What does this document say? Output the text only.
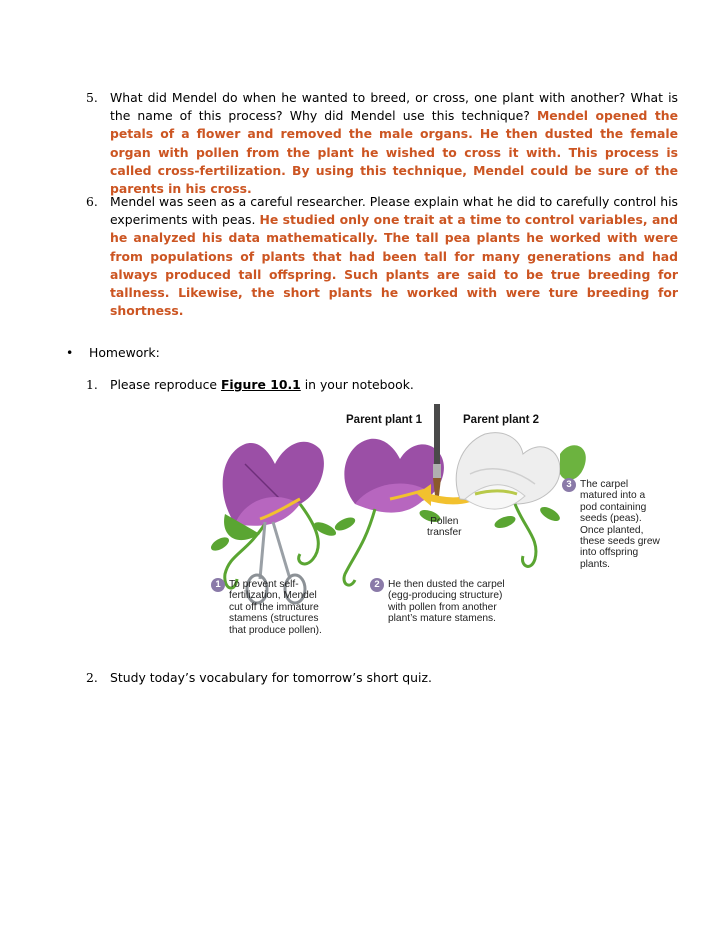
5. What did Mendel do when he wanted to breed, or cross, one plant with another? What is the name of this process? Why did Mendel use this technique? Mendel opened the petals of a flower and removed the male organs. He then dusted the female organ with pollen from the plant he wished to cross it with. This process is called cross-fertilization. By using this technique, Mendel could be sure of the parents in his cross.
6. Mendel was seen as a careful researcher. Please explain what he did to carefully control his experiments with peas. He studied only one trait at a time to control variables, and he analyzed his data mathematically. The tall pea plants he worked with were from populations of plants that had been tall for many generations and had always produced tall offspring. Such plants are said to be true breeding for tallness. Likewise, the short plants he worked with were ture breeding for shortness.
• Homework:
1. Please reproduce Figure 10.1 in your notebook.
Parent plant 1	Parent plant 2
Pollen
transfer
1 To prevent self-
fertilization, Mendel
cut off the immature
stamens (structures
that produce pollen).
2 He then dusted the carpel
(egg-producing structure)
with pollen from another
plant’s mature stamens.
3 The carpel
matured into a
pod containing
seeds (peas).
Once planted,
these seeds grew
into offspring
plants.
2. Study today’s vocabulary for tomorrow’s short quiz.
